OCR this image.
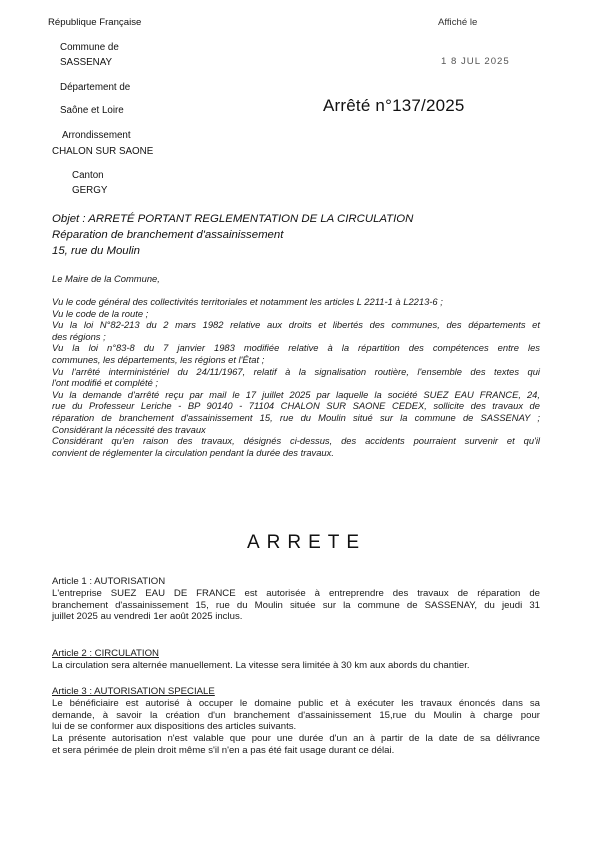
République Française	Affiché le
1 8 JUL 2025
Commune de
SASSENAY
Département de
Saône et Loire
Arrondissement
CHALON SUR SAONE
Canton
GERGY
Arrêté n°137/2025
Objet : ARRETÉ PORTANT REGLEMENTATION DE LA CIRCULATION
Réparation de branchement d'assainissement
15, rue du Moulin
Le Maire de la Commune,
Vu le code général des collectivités territoriales et notamment les articles L 2211-1 à L2213-6 ;
Vu le code de la route ;
Vu la loi N°82-213 du 2 mars 1982 relative aux droits et libertés des communes, des départements et
des régions ;
Vu la loi n°83-8 du 7 janvier 1983 modifiée relative à la répartition des compétences entre les
communes, les départements, les régions et l'État ;
Vu l'arrêté interministériel du 24/11/1967, relatif à la signalisation routière, l'ensemble des textes qui
l'ont modifié et complété ;
Vu la demande d'arrêté reçu par mail le 17 juillet 2025 par laquelle la société SUEZ EAU FRANCE, 24,
rue du Professeur Leriche - BP 90140 - 71104 CHALON SUR SAONE CEDEX, sollicite des travaux de
réparation de branchement d'assainissement 15, rue du Moulin situé sur la commune de SASSENAY ;
Considérant la nécessité des travaux
Considérant qu'en raison des travaux, désignés ci-dessus, des accidents pourraient survenir et qu'il
convient de réglementer la circulation pendant la durée des travaux.
ARRETE
Article 1 : AUTORISATION
L'entreprise SUEZ EAU DE FRANCE est autorisée à entreprendre des travaux de réparation de
branchement d'assainissement 15, rue du Moulin située sur la commune de SASSENAY, du jeudi 31
juillet 2025 au vendredi 1er août 2025 inclus.
Article 2 : CIRCULATION
La circulation sera alternée manuellement. La vitesse sera limitée à 30 km aux abords du chantier.
Article 3 : AUTORISATION SPECIALE
Le bénéficiaire est autorisé à occuper le domaine public et à exécuter les travaux énoncés dans sa
demande, à savoir la création d'un branchement d'assainissement 15,rue du Moulin à charge pour
lui de se conformer aux dispositions des articles suivants.
La présente autorisation n'est valable que pour une durée d'un an à partir de la date de sa délivrance
et sera périmée de plein droit même s'il n'en a pas été fait usage durant ce délai.
